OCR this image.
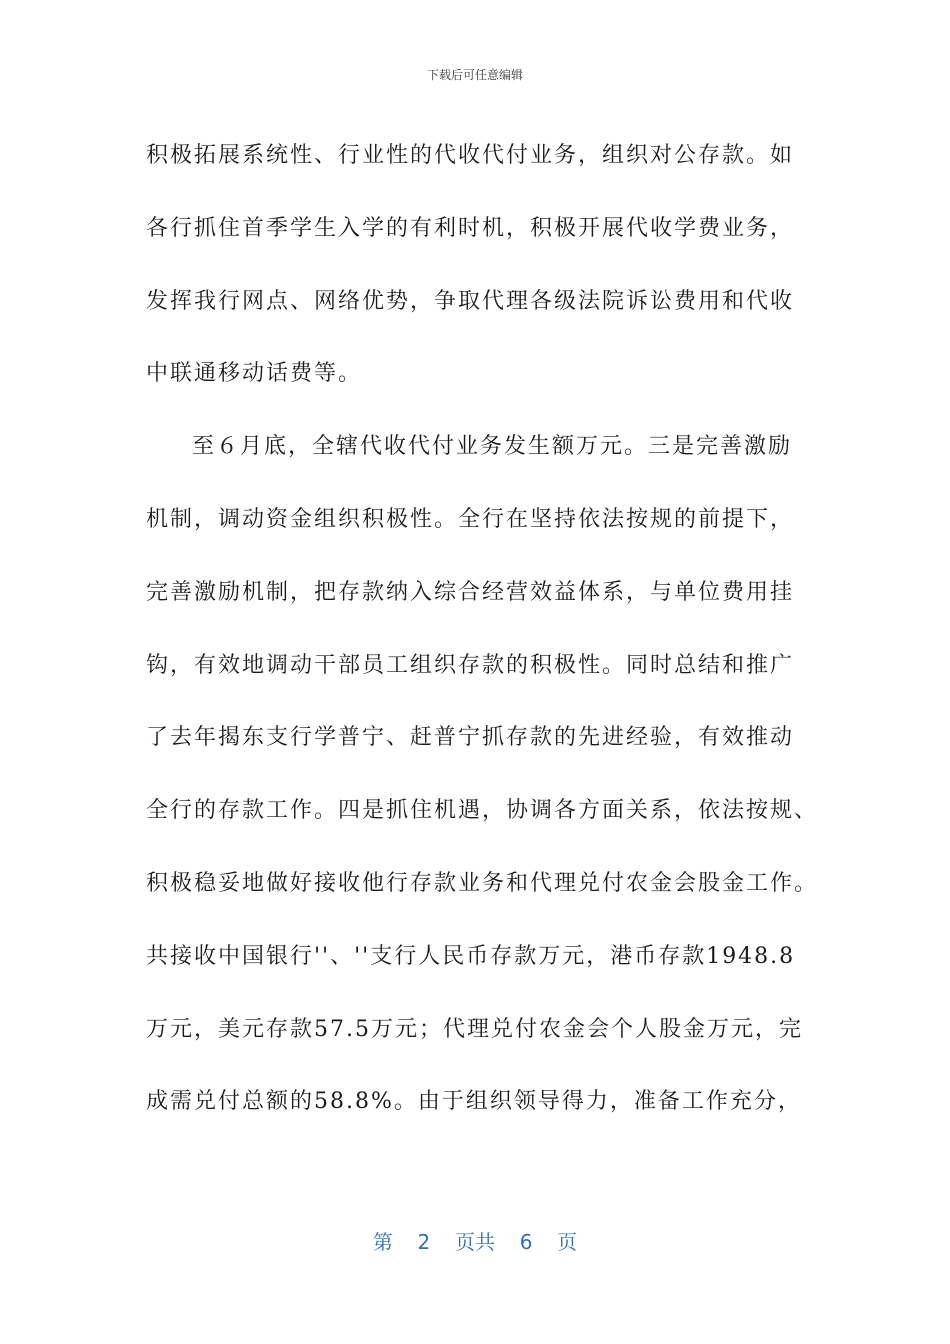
下载后可任意编辑
积极拓展系统性、行业性的代收代付业务，组织对公存款。如
各行抓住首季学生入学的有利时机，积极开展代收学费业务，
发挥我行网点、网络优势，争取代理各级法院诉讼费用和代收
中联通移动话费等。
至６月底，全辖代收代付业务发生额万元。三是完善激励
机制，调动资金组织积极性。全行在坚持依法按规的前提下，
完善激励机制，把存款纳入综合经营效益体系，与单位费用挂
钩，有效地调动干部员工组织存款的积极性。同时总结和推广
了去年揭东支行学普宁、赶普宁抓存款的先进经验，有效推动
全行的存款工作。四是抓住机遇，协调各方面关系，依法按规、
积极稳妥地做好接收他行存款业务和代理兑付农金会股金工作。
共接收中国银行''、''支行人民币存款万元，港币存款1948.8
万元，美元存款57.5万元；代理兑付农金会个人股金万元，完
成需兑付总额的58.8%。由于组织领导得力，准备工作充分，
第  2  页共  6  页
